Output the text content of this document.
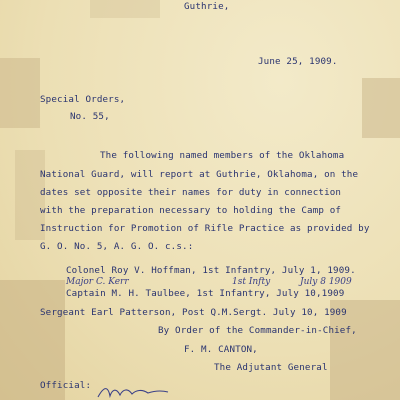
Guthrie,
June 25, 1909.
Special Orders,
No. 55,
The following named members of the Oklahoma
National Guard, will report at Guthrie, Oklahoma, on the
dates set opposite their names for duty in connection
with the preparation necessary to holding the Camp of
Instruction for Promotion of Rifle Practice as provided by
G. O. No. 5, A. G. O. c.s.:
Colonel Roy V. Hoffman, 1st Infantry, July 1, 1909.
Major C. Kerr	1st Infty	July 8 1909
Captain M. H. Taulbee, 1st Infantry, July 10,1909
Sergeant Earl Patterson, Post Q.M.Sergt. July 10, 1909
By Order of the Commander-in-Chief,
F. M. CANTON,
The Adjutant General
Official:
